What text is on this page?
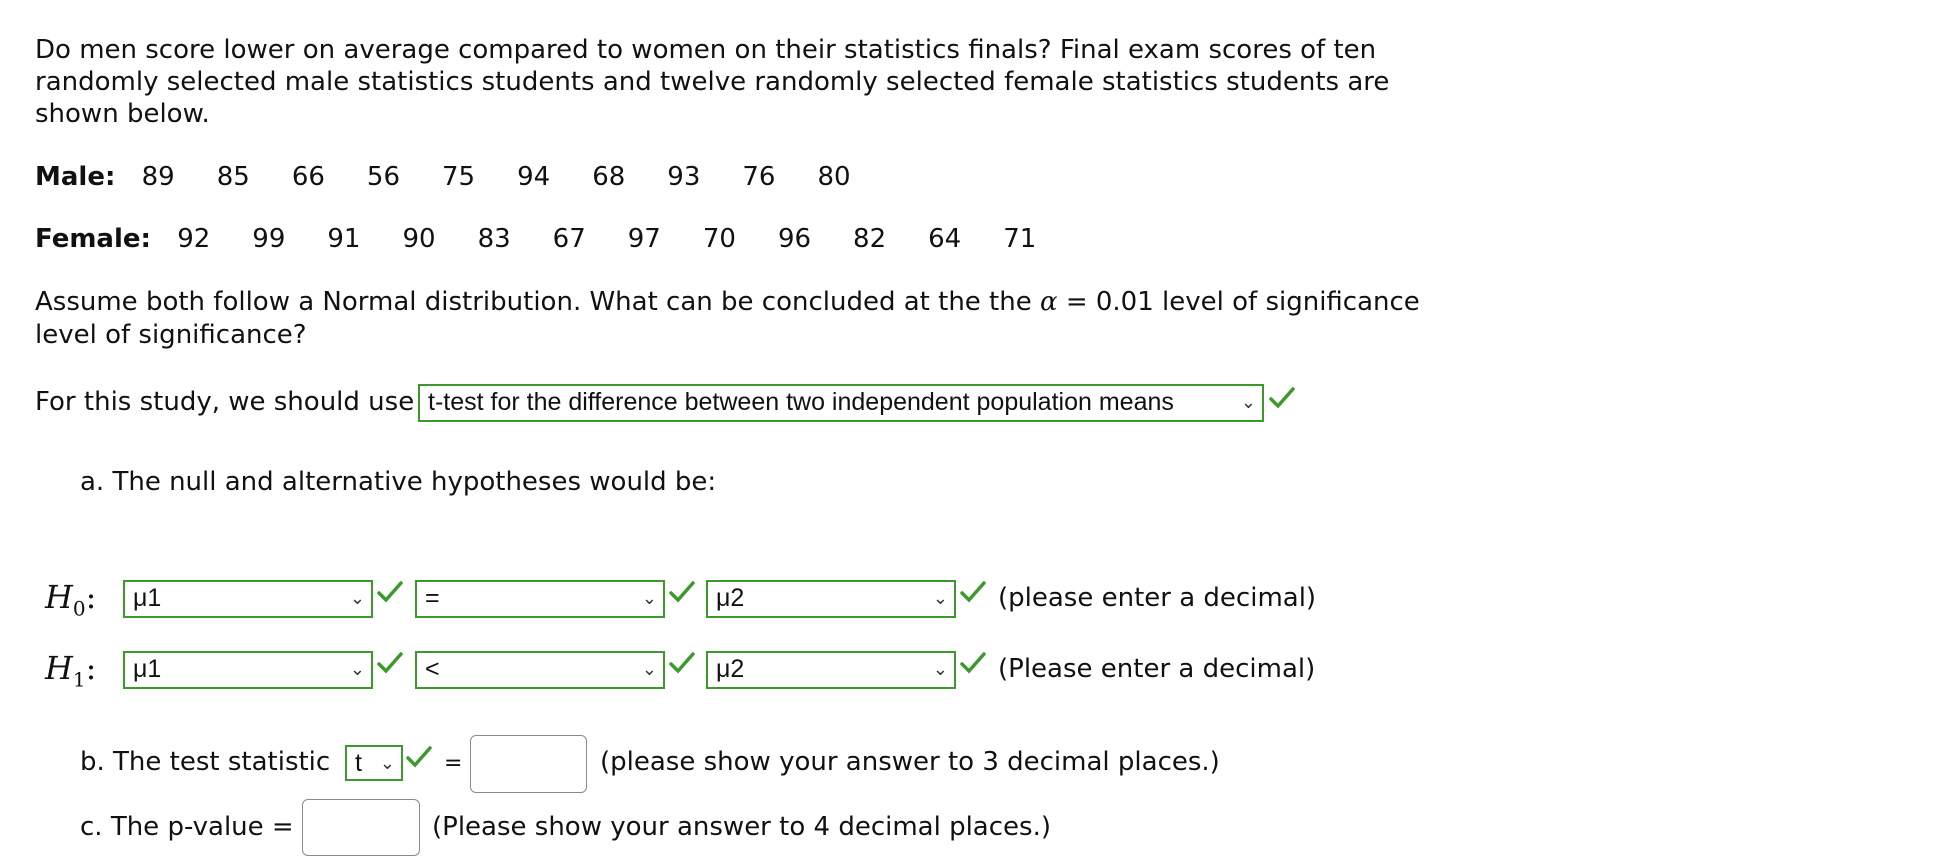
Do men score lower on average compared to women on their statistics finals? Final exam scores of ten
randomly selected male statistics students and twelve randomly selected female statistics students are
shown below.
Male: 89 85 66 56 75 94 68 93 76 80
Female: 92 99 91 90 83 67 97 70 96 82 64 71
Assume both follow a Normal distribution. What can be concluded at the the α = 0.01 level of significance
level of significance?
For this study, we should use t-test for the difference between two independent population means	⌄
a. The null and alternative hypotheses would be:
$H_0$:	μ1	⌄	=	⌄	μ2	⌄ (please enter a decimal)
$H_1$:	μ1	⌄	<	⌄	μ2	⌄ (Please enter a decimal)
b. The test statistic t ⌄ =	(please show your answer to 3 decimal places.)
c. The p-value =	(Please show your answer to 4 decimal places.)
